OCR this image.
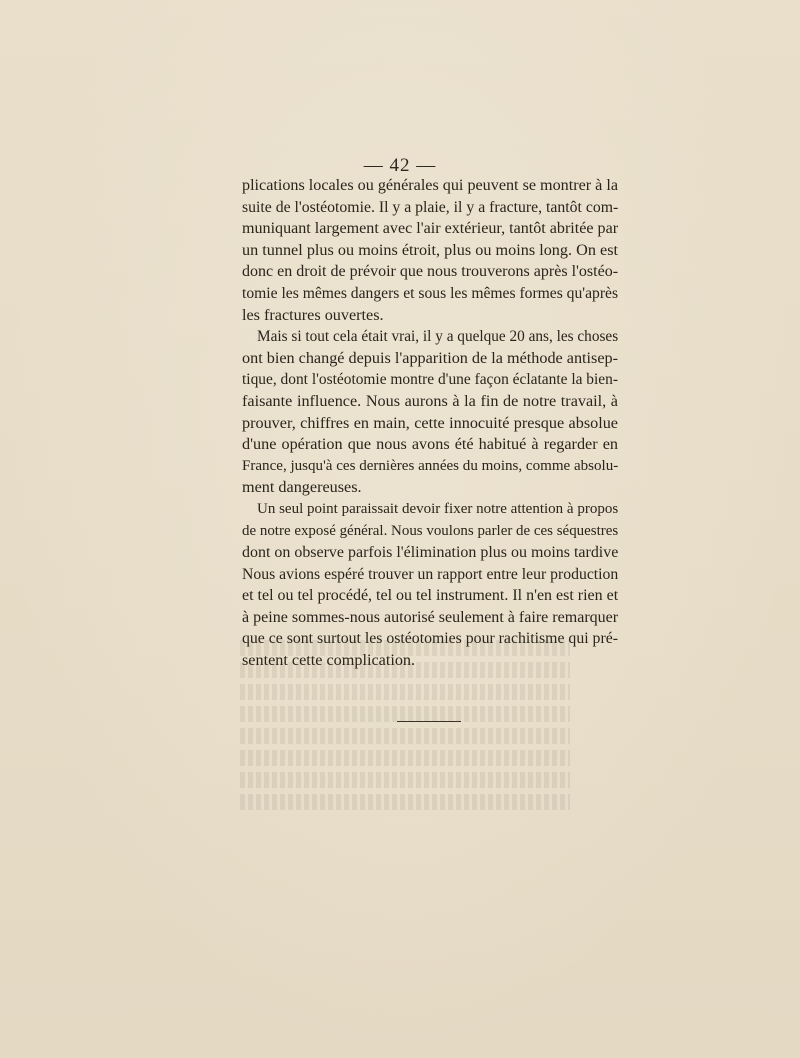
— 42 —

plications locales ou générales qui peuvent se montrer à la
suite de l'ostéotomie. Il y a plaie, il y a fracture, tantôt com-
muniquant largement avec l'air extérieur, tantôt abritée par
un tunnel plus ou moins étroit, plus ou moins long. On est
donc en droit de prévoir que nous trouverons après l'ostéo-
tomie les mêmes dangers et sous les mêmes formes qu'après
les fractures ouvertes.

Mais si tout cela était vrai, il y a quelque 20 ans, les choses
ont bien changé depuis l'apparition de la méthode antisep-
tique, dont l'ostéotomie montre d'une façon éclatante la bien-
faisante influence. Nous aurons à la fin de notre travail, à
prouver, chiffres en main, cette innocuité presque absolue
d'une opération que nous avons été habitué à regarder en
France, jusqu'à ces dernières années du moins, comme absolu-
ment dangereuses.

Un seul point paraissait devoir fixer notre attention à propos
de notre exposé général. Nous voulons parler de ces séquestres
dont on observe parfois l'élimination plus ou moins tardive
Nous avions espéré trouver un rapport entre leur production
et tel ou tel procédé, tel ou tel instrument. Il n'en est rien et
à peine sommes-nous autorisé seulement à faire remarquer
que ce sont surtout les ostéotomies pour rachitisme qui pré-
sentent cette complication.
